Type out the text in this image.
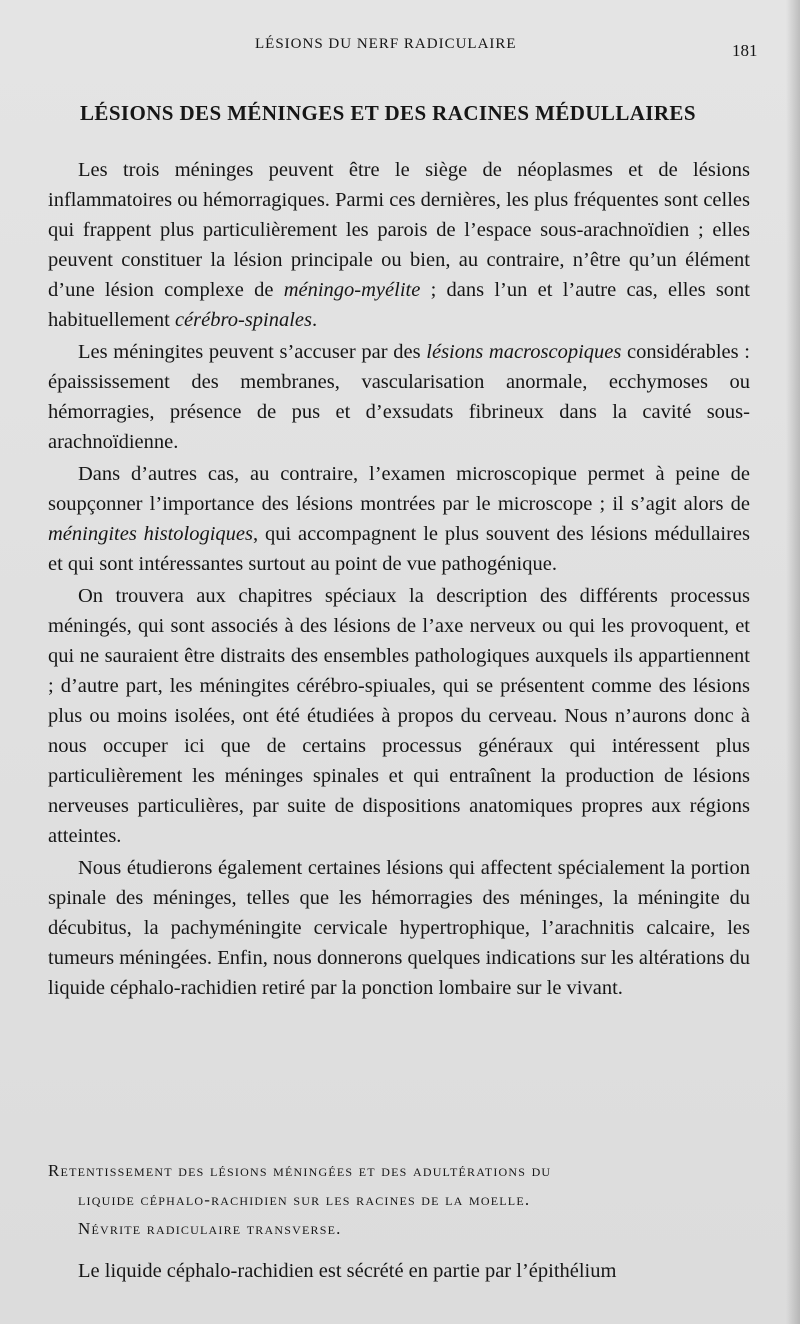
LÉSIONS DU NERF RADICULAIRE	181
LÉSIONS DES MÉNINGES ET DES RACINES MÉDULLAIRES

Les trois méninges peuvent être le siège de néoplasmes et de lésions inflammatoires ou hémorragiques. Parmi ces dernières, les plus fréquentes sont celles qui frappent plus particulièrement les parois de l’espace sous-arachnoïdien ; elles peuvent constituer la lésion principale ou bien, au contraire, n’être qu’un élément d’une lésion complexe de méningo-myélite ; dans l’un et l’autre cas, elles sont habituellement cérébro-spinales.

Les méningites peuvent s’accuser par des lésions macroscopiques considérables : épaississement des membranes, vascularisation anormale, ecchymoses ou hémorragies, présence de pus et d’exsudats fibrineux dans la cavité sous-arachnoïdienne.

Dans d’autres cas, au contraire, l’examen microscopique permet à peine de soupçonner l’importance des lésions montrées par le microscope ; il s’agit alors de méningites histologiques, qui accompagnent le plus souvent des lésions médullaires et qui sont intéressantes surtout au point de vue pathogénique.

On trouvera aux chapitres spéciaux la description des différents processus méningés, qui sont associés à des lésions de l’axe nerveux ou qui les provoquent, et qui ne sauraient être distraits des ensembles pathologiques auxquels ils appartiennent ; d’autre part, les méningites cérébro-spiuales, qui se présentent comme des lésions plus ou moins isolées, ont été étudiées à propos du cerveau. Nous n’aurons donc à nous occuper ici que de certains processus généraux qui intéressent plus particulièrement les méninges spinales et qui entraînent la production de lésions nerveuses particulières, par suite de dispositions anatomiques propres aux régions atteintes.

Nous étudierons également certaines lésions qui affectent spécialement la portion spinale des méninges, telles que les hémorragies des méninges, la méningite du décubitus, la pachyméningite cervicale hypertrophique, l’arachnitis calcaire, les tumeurs méningées. Enfin, nous donnerons quelques indications sur les altérations du liquide céphalo-rachidien retiré par la ponction lombaire sur le vivant.

Retentissement des lésions méningées et des adultérations du
liquide céphalo-rachidien sur les racines de la moelle.
Névrite radiculaire transverse.
Le liquide céphalo-rachidien est sécrété en partie par l’épithélium
